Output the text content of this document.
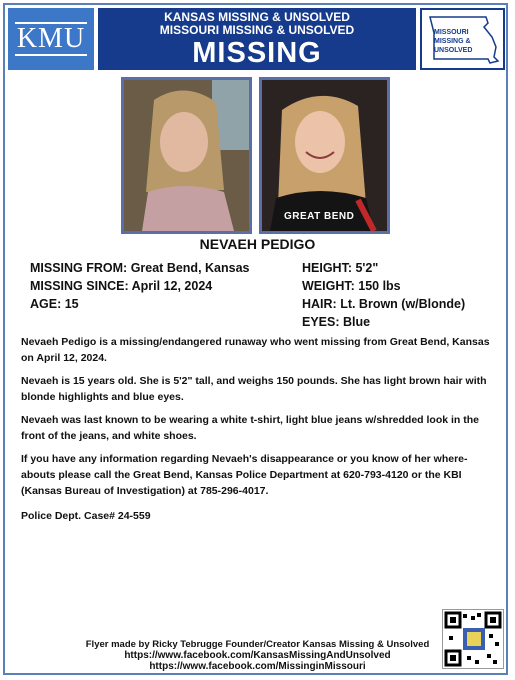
KMU
KANSAS MISSING & UNSOLVED
MISSOURI MISSING & UNSOLVED
MISSING
MISSOURI
MISSING &
UNSOLVED
GREAT BEND
NEVAEH PEDIGO
MISSING FROM: Great Bend, Kansas
MISSING SINCE: April 12, 2024
AGE: 15
HEIGHT: 5'2"
WEIGHT: 150 lbs
HAIR: Lt. Brown (w/Blonde)
EYES: Blue

Nevaeh Pedigo is a missing/endangered runaway who went missing from Great Bend, Kansas on April 12, 2024.

Nevaeh is 15 years old. She is 5'2" tall, and weighs 150 pounds. She has light brown hair with blonde highlights and blue eyes.

Nevaeh was last known to be wearing a white t-shirt, light blue jeans w/shredded look in the front of the jeans, and white shoes.

If you have any information regarding Nevaeh's disappearance or you know of her where-abouts please call the Great Bend, Kansas Police Department at 620-793-4120 or the KBI (Kansas Bureau of Investigation) at 785-296-4017.

Police Dept. Case# 24-559

Flyer made by Ricky Tebrugge Founder/Creator Kansas Missing & Unsolved
https://www.facebook.com/KansasMissingAndUnsolved
https://www.facebook.com/MissinginMissouri
